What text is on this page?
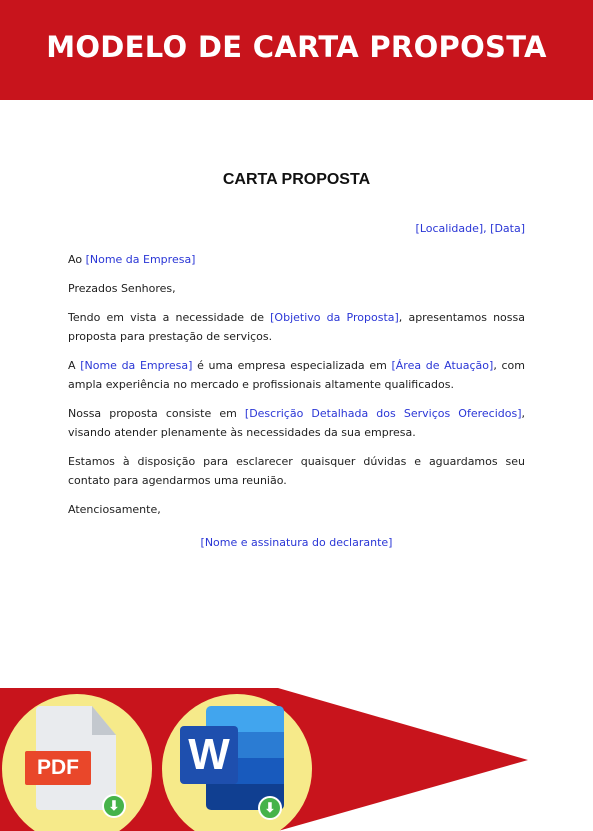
MODELO DE CARTA PROPOSTA
CARTA PROPOSTA
[Localidade], [Data]
Ao [Nome da Empresa]
Prezados Senhores,
Tendo em vista a necessidade de [Objetivo da Proposta], apresentamos nossa proposta para prestação de serviços.
A [Nome da Empresa] é uma empresa especializada em [Área de Atuação], com ampla experiência no mercado e profissionais altamente qualificados.
Nossa proposta consiste em [Descrição Detalhada dos Serviços Oferecidos], visando atender plenamente às necessidades da sua empresa.
Estamos à disposição para esclarecer quaisquer dúvidas e aguardamos seu contato para agendarmos uma reunião.
Atenciosamente,
[Nome e assinatura do declarante]
PDF
⬇
W
⬇
